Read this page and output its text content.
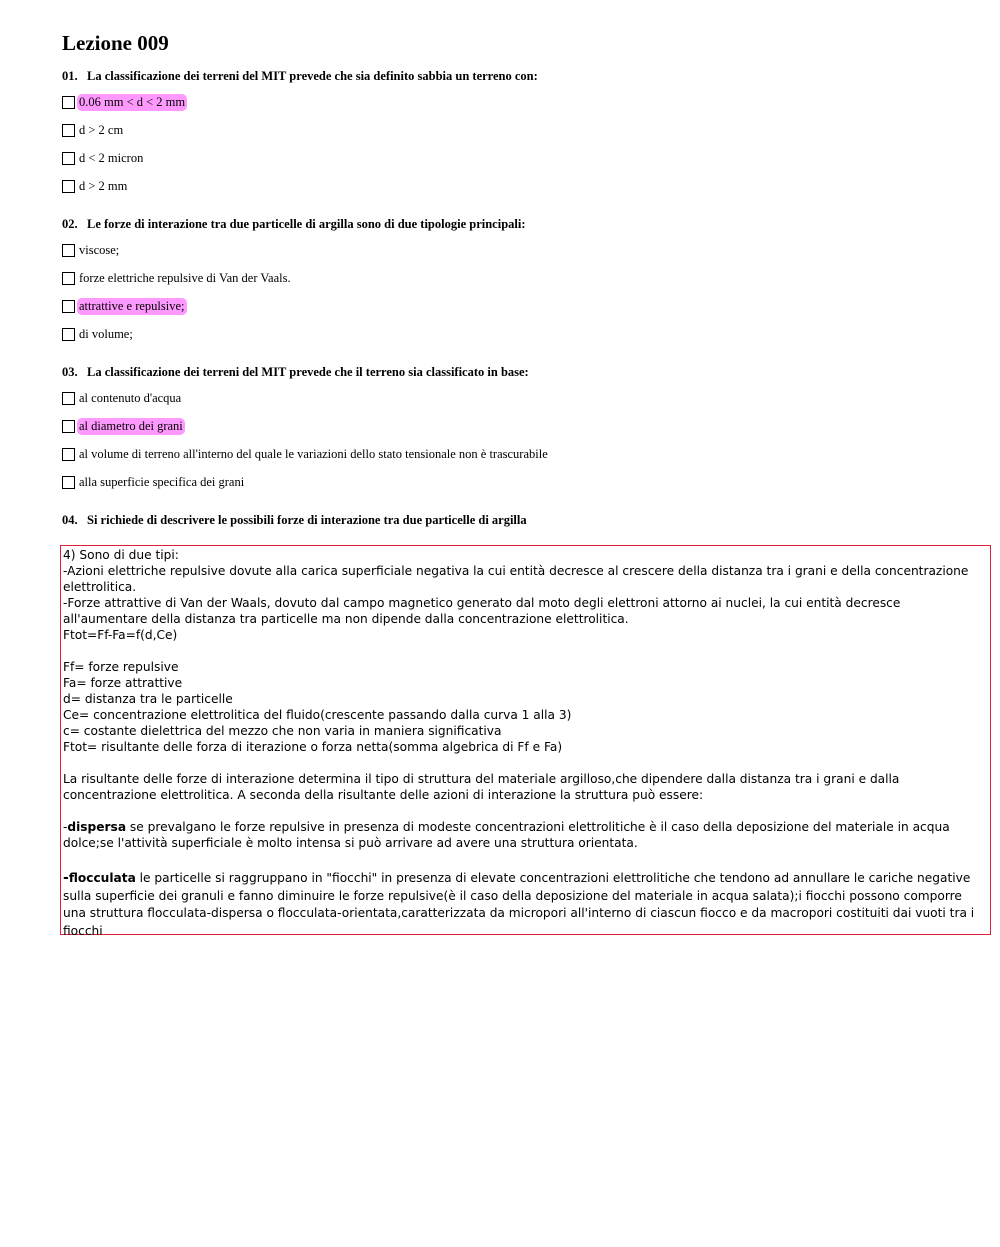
Lezione 009
01. La classificazione dei terreni del MIT prevede che sia definito sabbia un terreno con:
0.06 mm < d < 2 mm
d > 2 cm
d < 2 micron
d > 2 mm
02. Le forze di interazione tra due particelle di argilla sono di due tipologie principali:
viscose;
forze elettriche repulsive di Van der Vaals.
attrattive e repulsive;
di volume;
03. La classificazione dei terreni del MIT prevede che il terreno sia classificato in base:
al contenuto d'acqua
al diametro dei grani
al volume di terreno all'interno del quale le variazioni dello stato tensionale non è trascurabile
alla superficie specifica dei grani
04. Si richiede di descrivere le possibili forze di interazione tra due particelle di argilla

4) Sono di due tipi:

-Azioni elettriche repulsive dovute alla carica superficiale negativa la cui entità decresce al crescere della distanza tra i grani e della concentrazione elettrolitica.

-Forze attrattive di Van der Waals, dovuto dal campo magnetico generato dal moto degli elettroni attorno ai nuclei, la cui entità decresce all'aumentare della distanza tra particelle ma non dipende dalla concentrazione elettrolitica.

Ftot=Ff-Fa=f(d,Ce)

Ff= forze repulsive

Fa= forze attrattive

d= distanza tra le particelle

Ce= concentrazione elettrolitica del fluido(crescente passando dalla curva 1 alla 3)

c= costante dielettrica del mezzo che non varia in maniera significativa

Ftot= risultante delle forza di iterazione o forza netta(somma algebrica di Ff e Fa)

La risultante delle forze di interazione determina il tipo di struttura del materiale argilloso,che dipendere dalla distanza tra i grani e dalla concentrazione elettrolitica. A seconda della risultante delle azioni di interazione la struttura può essere:

-dispersa se prevalgano le forze repulsive in presenza di modeste concentrazioni elettrolitiche è il caso della deposizione del materiale in acqua dolce;se l'attività superficiale è molto intensa si può arrivare ad avere una struttura orientata.

-flocculata le particelle si raggruppano in "fiocchi" in presenza di elevate concentrazioni elettrolitiche che tendono ad annullare le cariche negative sulla superficie dei granuli e fanno diminuire le forze repulsive(è il caso della deposizione del materiale in acqua salata);i fiocchi possono comporre una struttura flocculata-dispersa o flocculata-orientata,caratterizzata da micropori all'interno di ciascun fiocco e da macropori costituiti dai vuoti tra i fiocchi
